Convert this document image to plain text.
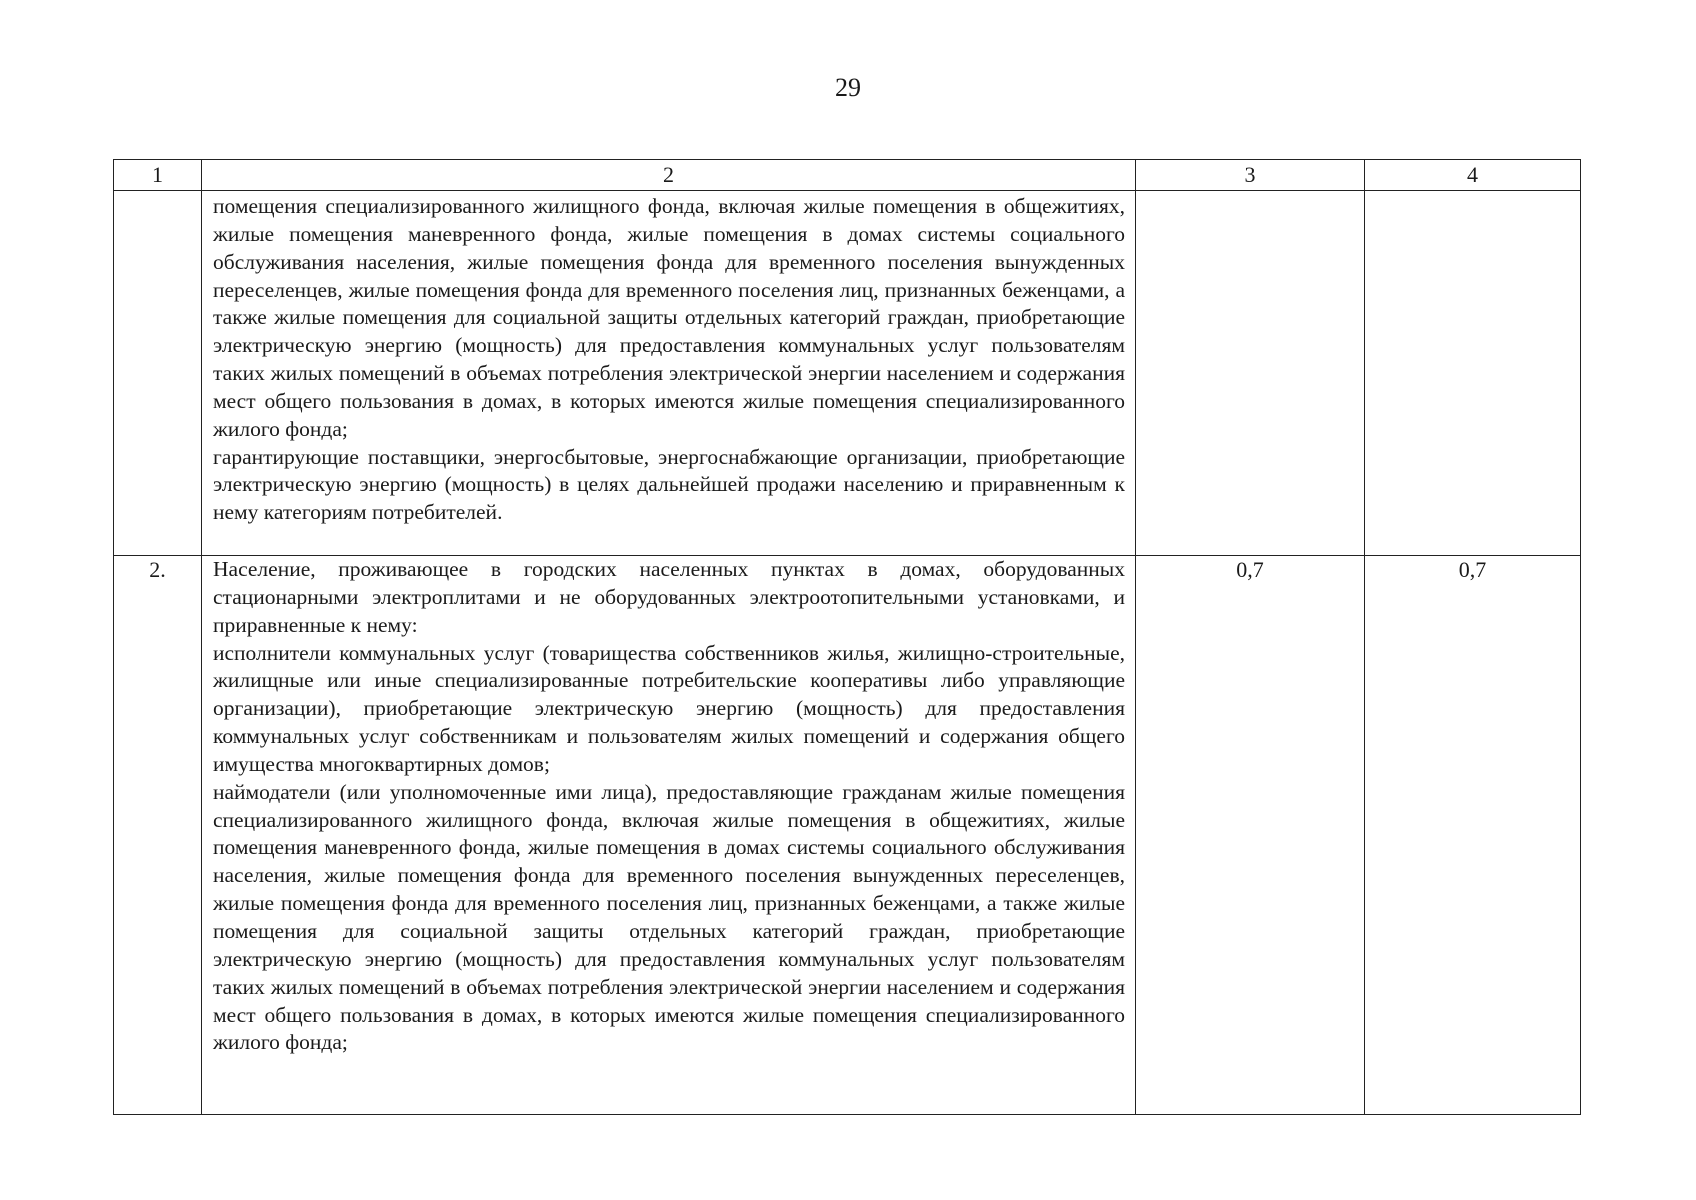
29
1	2	3	4

	помещения специализированного жилищного фонда, включая жилые помещения в общежитиях, жилые помещения маневренного фонда, жилые помещения в домах системы социального обслуживания населения, жилые помещения фонда для временного поселения вынужденных переселенцев, жилые помещения фонда для временного поселения лиц, признанных беженцами, а также жилые помещения для социальной защиты отдельных категорий граждан, приобретающие электрическую энергию (мощность) для предоставления коммунальных услуг пользователям таких жилых помещений в объемах потребления электрической энергии населением и содержания мест общего пользования в домах, в которых имеются жилые помещения специализированного жилого фонда;

гарантирующие поставщики, энергосбытовые, энергоснабжающие организации, приобретающие электрическую энергию (мощность) в целях дальнейшей продажи населению и приравненным к нему категориям потребителей.		

2.	Население, проживающее в городских населенных пунктах в домах, оборудованных стационарными электроплитами и не оборудованных электроотопительными установками, и приравненные к нему:

исполнители коммунальных услуг (товарищества собственников жилья, жилищно-строительные, жилищные или иные специализированные потребительские кооперативы либо управляющие организации), приобретающие электрическую энергию (мощность) для предоставления коммунальных услуг собственникам и пользователям жилых помещений и содержания общего имущества многоквартирных домов;

наймодатели (или уполномоченные ими лица), предоставляющие гражданам жилые помещения специализированного жилищного фонда, включая жилые помещения в общежитиях, жилые помещения маневренного фонда, жилые помещения в домах системы социального обслуживания населения, жилые помещения фонда для временного поселения вынужденных переселенцев, жилые помещения фонда для временного поселения лиц, признанных беженцами, а также жилые помещения для социальной защиты отдельных категорий граждан, приобретающие электрическую энергию (мощность) для предоставления коммунальных услуг пользователям таких жилых помещений в объемах потребления электрической энергии населением и содержания мест общего пользования в домах, в которых имеются жилые помещения специализированного жилого фонда;	0,7	0,7
